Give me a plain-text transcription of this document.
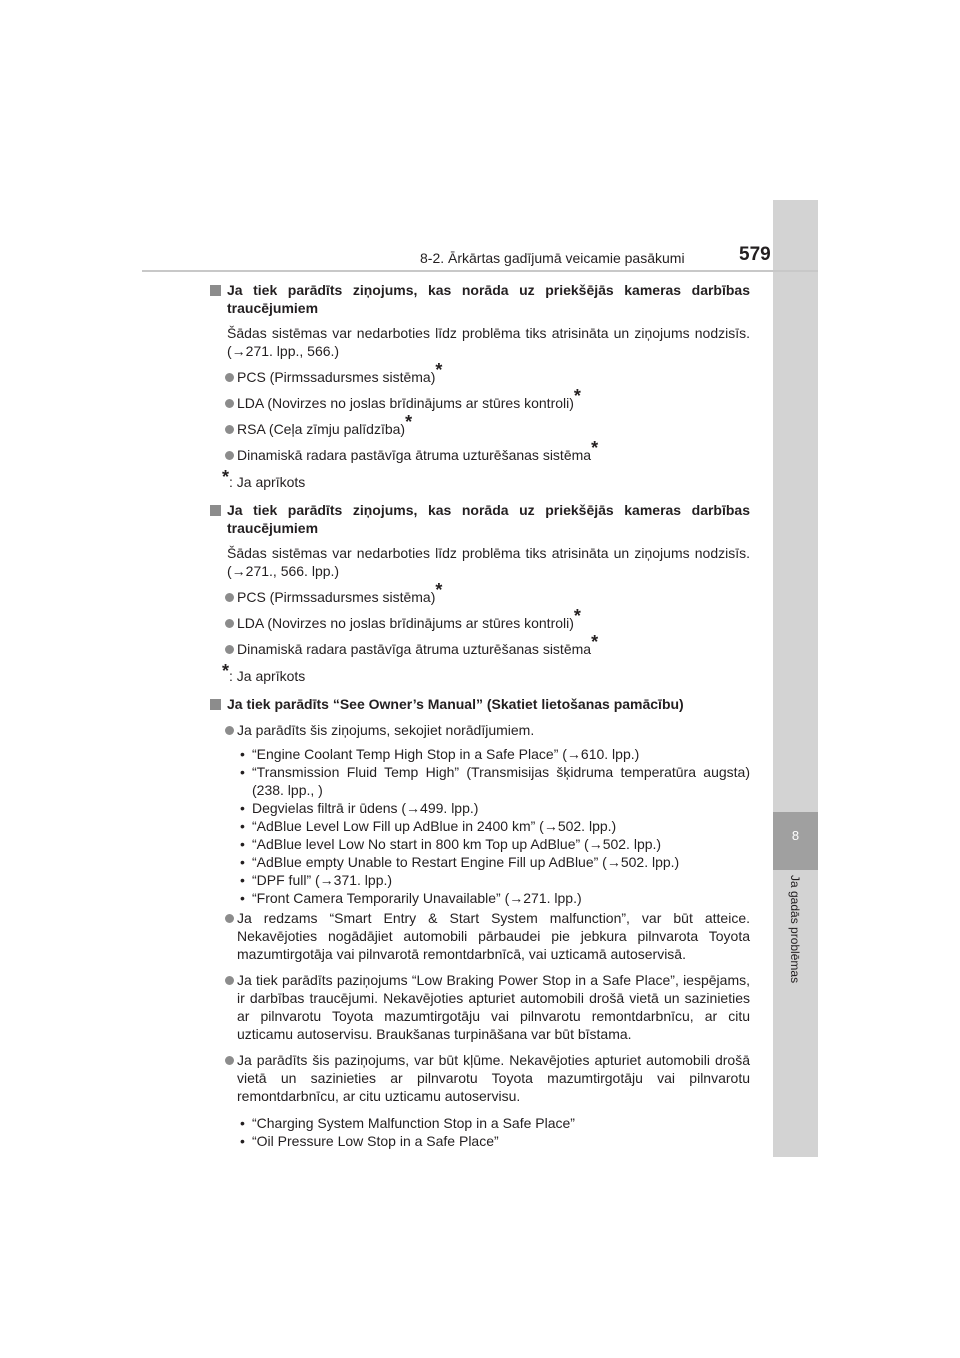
8
Ja gadās problēmas
8-2. Ārkārtas gadījumā veicamie pasākumi	579
Ja tiek parādīts ziņojums, kas norāda uz priekšējās kameras darbības traucējumiem
Šādas sistēmas var nedarboties līdz problēma tiks atrisināta un ziņojums nodzisīs. (→271. lpp., 566.)
PCS (Pirmssadursmes sistēma)*
LDA (Novirzes no joslas brīdinājums ar stūres kontroli)*
RSA (Ceļa zīmju palīdzība)*
Dinamiskā radara pastāvīga ātruma uzturēšanas sistēma*
*: Ja aprīkots
Ja tiek parādīts ziņojums, kas norāda uz priekšējās kameras darbības traucējumiem
Šādas sistēmas var nedarboties līdz problēma tiks atrisināta un ziņojums nodzisīs. (→271., 566. lpp.)
PCS (Pirmssadursmes sistēma)*
LDA (Novirzes no joslas brīdinājums ar stūres kontroli)*
Dinamiskā radara pastāvīga ātruma uzturēšanas sistēma*
*: Ja aprīkots
Ja tiek parādīts “See Owner’s Manual” (Skatiet lietošanas pamācību)
Ja parādīts šis ziņojums, sekojiet norādījumiem.
• “Engine Coolant Temp High Stop in a Safe Place” (→610. lpp.)
• “Transmission Fluid Temp High” (Transmisijas šķidruma temperatūra augsta) (238. lpp., )
• Degvielas filtrā ir ūdens (→499. lpp.)
• “AdBlue Level Low Fill up AdBlue in 2400 km” (→502. lpp.)
• “AdBlue level Low No start in 800 km Top up AdBlue” (→502. lpp.)
• “AdBlue empty Unable to Restart Engine Fill up AdBlue” (→502. lpp.)
• “DPF full” (→371. lpp.)
• “Front Camera Temporarily Unavailable” (→271. lpp.)
Ja redzams “Smart Entry & Start System malfunction”, var būt atteice. Nekavējoties nogādājiet automobili pārbaudei pie jebkura pilnvarota Toyota mazumtirgotāja vai pilnvarotā remontdarbnīcā, vai uzticamā autoservisā.
Ja tiek parādīts paziņojums “Low Braking Power Stop in a Safe Place”, iespējams, ir darbības traucējumi. Nekavējoties apturiet automobili drošā vietā un sazinieties ar pilnvarotu Toyota mazumtirgotāju vai pilnvarotu remontdarbnīcu, ar citu uzticamu autoservisu. Braukšanas turpināšana var būt bīstama.
Ja parādīts šis paziņojums, var būt kļūme. Nekavējoties apturiet automobili drošā vietā un sazinieties ar pilnvarotu Toyota mazumtirgotāju vai pilnvarotu remontdarbnīcu, ar citu uzticamu autoservisu.
• “Charging System Malfunction Stop in a Safe Place”
• “Oil Pressure Low Stop in a Safe Place”
